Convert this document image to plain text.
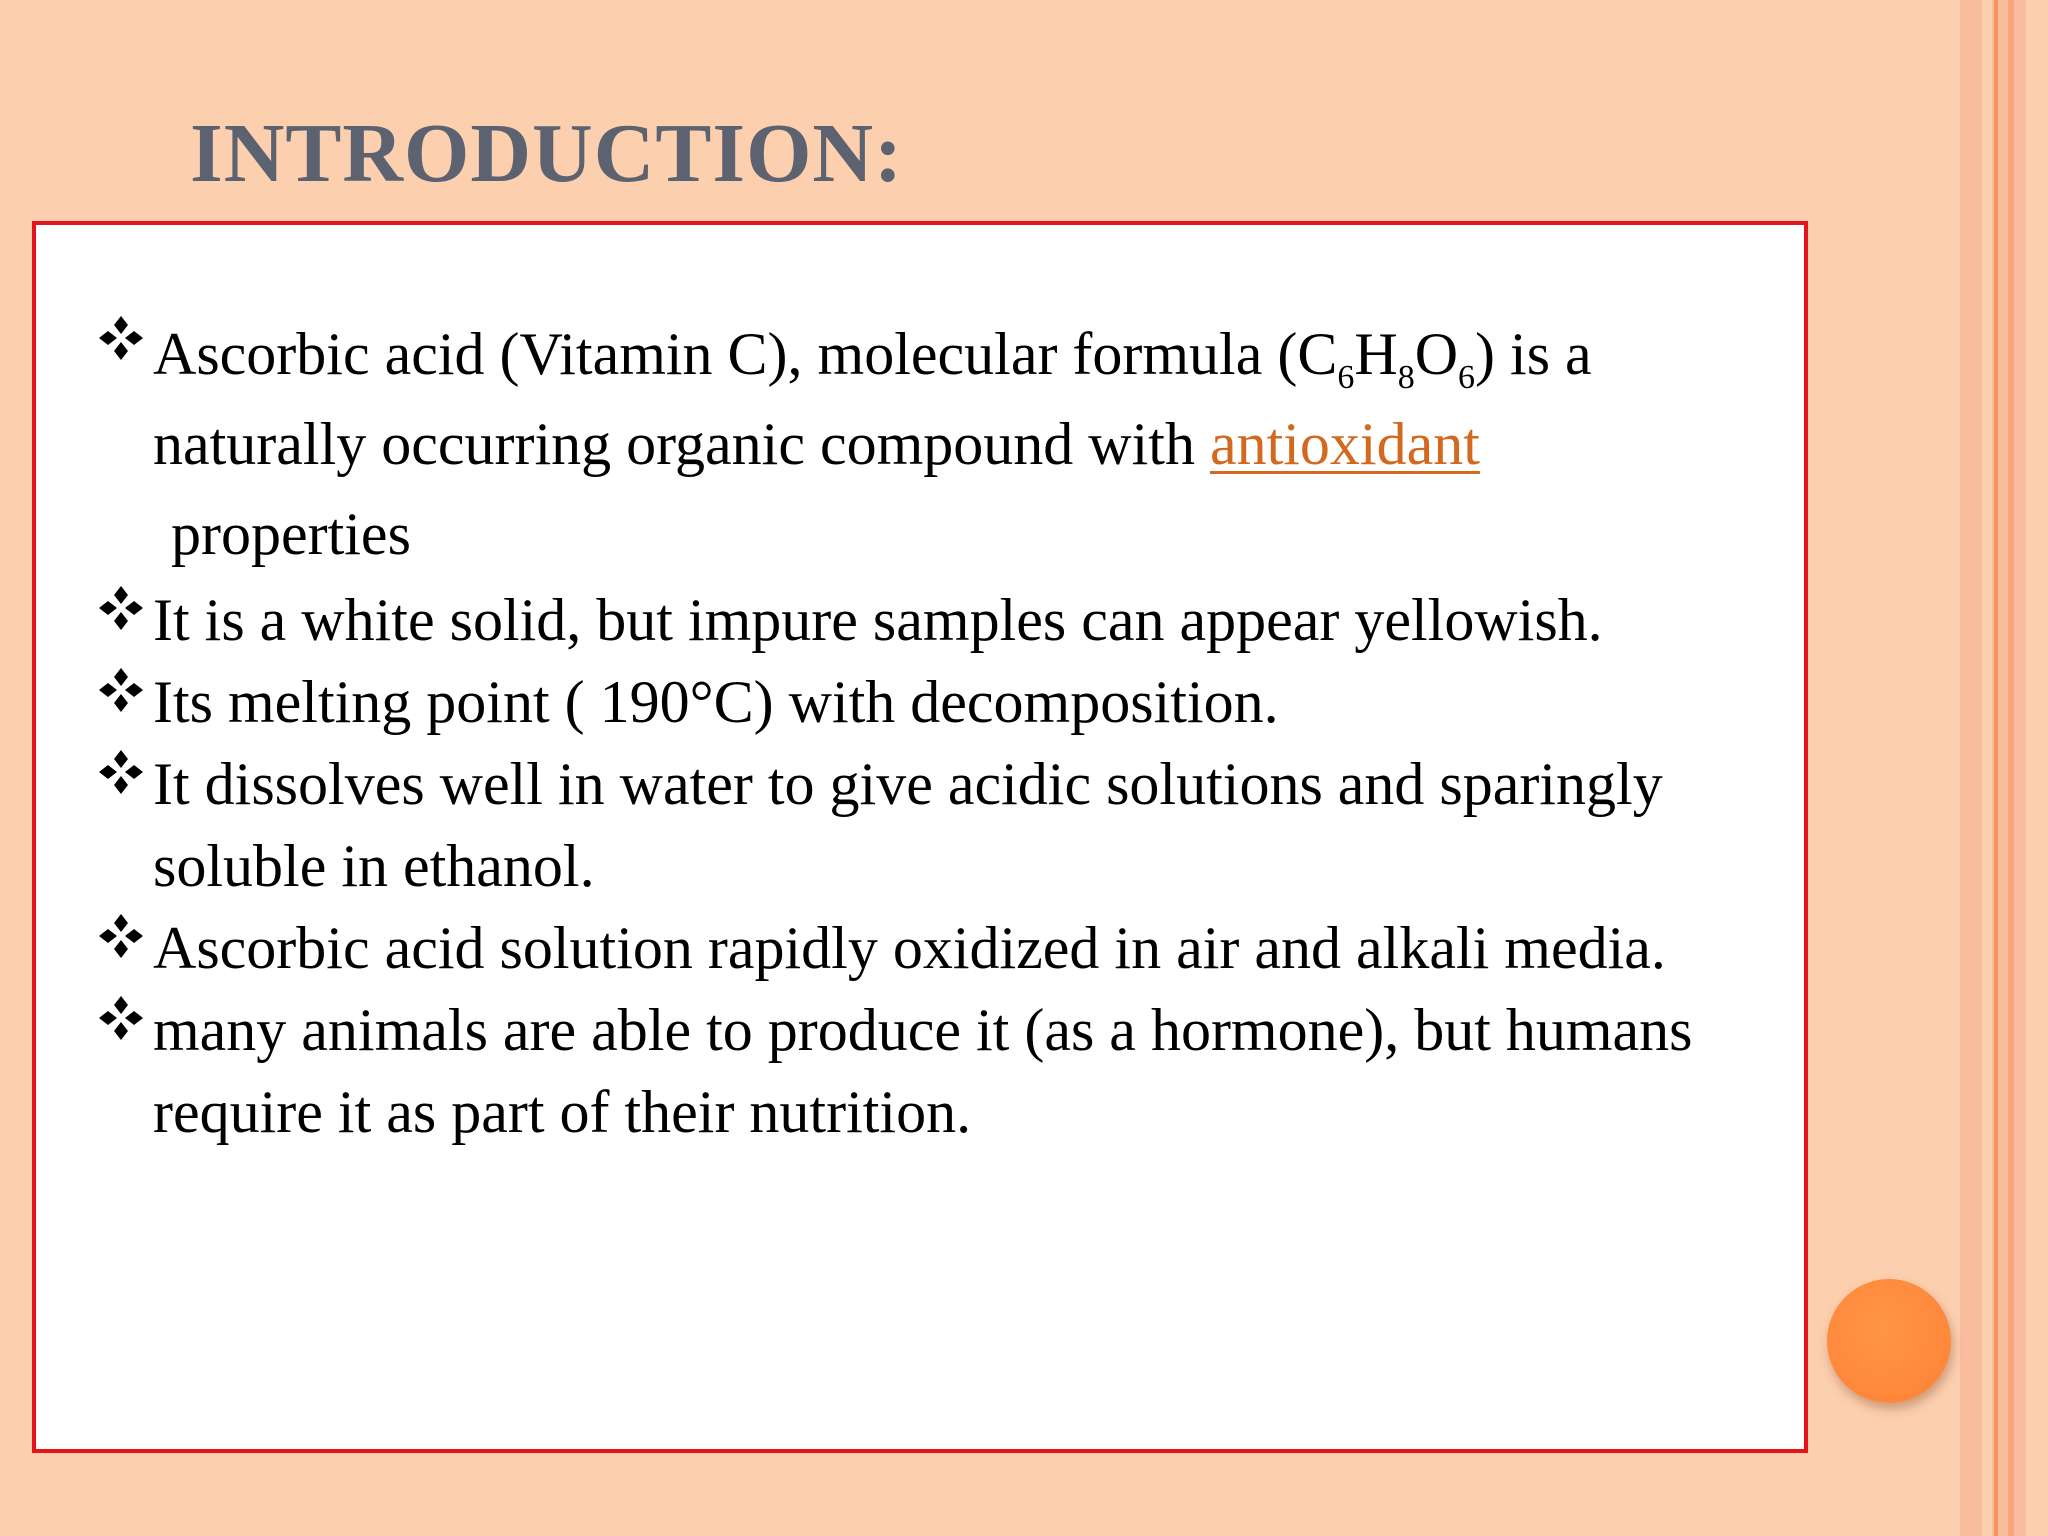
INTRODUCTION:
Ascorbic acid (Vitamin C), molecular formula $(C_6H_8O_6)$ is a naturally occurring organic compound with antioxidant
properties
It is a white solid, but impure samples can appear yellowish.
Its melting point ( 190°C) with decomposition.
It dissolves well in water to give acidic solutions and sparingly soluble in ethanol.
Ascorbic acid solution rapidly oxidized in air and alkali media.
many animals are able to produce it (as a hormone), but humans require it as part of their nutrition.
